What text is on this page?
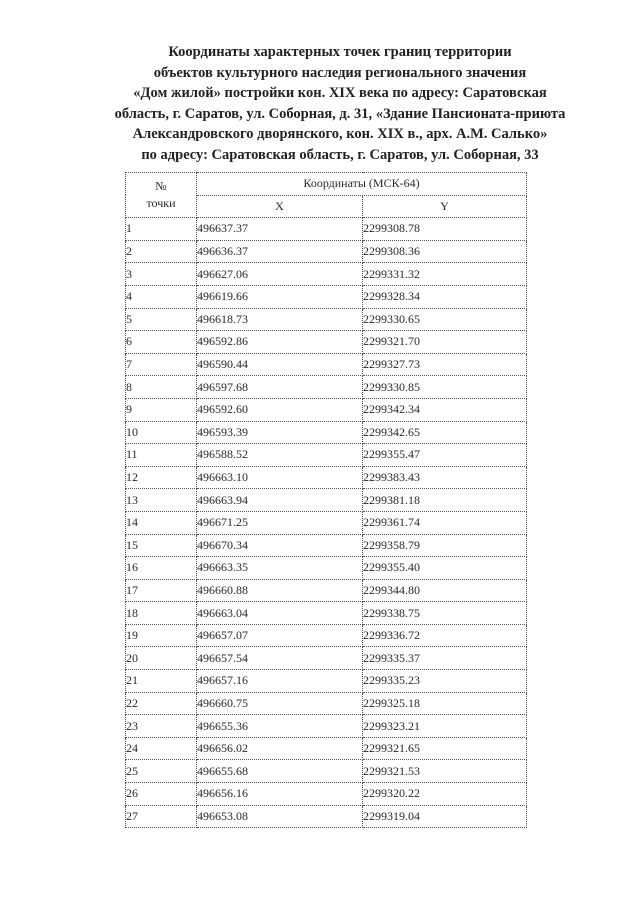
Координаты характерных точек границ территории
объектов культурного наследия регионального значения
«Дом жилой» постройки кон. XIX века по адресу: Саратовская
область, г. Саратов, ул. Соборная, д. 31, «Здание Пансионата-приюта
Александровского дворянского, кон. XIX в., арх. А.М. Салько»
по адресу: Саратовская область, г. Саратов, ул. Соборная, 33
№
точки	Координаты (МСК-64)	
	X	Y
1	496637.37	2299308.78
2	496636.37	2299308.36
3	496627.06	2299331.32
4	496619.66	2299328.34
5	496618.73	2299330.65
6	496592.86	2299321.70
7	496590.44	2299327.73
8	496597.68	2299330.85
9	496592.60	2299342.34
10	496593.39	2299342.65
11	496588.52	2299355.47
12	496663.10	2299383.43
13	496663.94	2299381.18
14	496671.25	2299361.74
15	496670.34	2299358.79
16	496663.35	2299355.40
17	496660.88	2299344.80
18	496663.04	2299338.75
19	496657.07	2299336.72
20	496657.54	2299335.37
21	496657.16	2299335.23
22	496660.75	2299325.18
23	496655.36	2299323.21
24	496656.02	2299321.65
25	496655.68	2299321.53
26	496656.16	2299320.22
27	496653.08	2299319.04
